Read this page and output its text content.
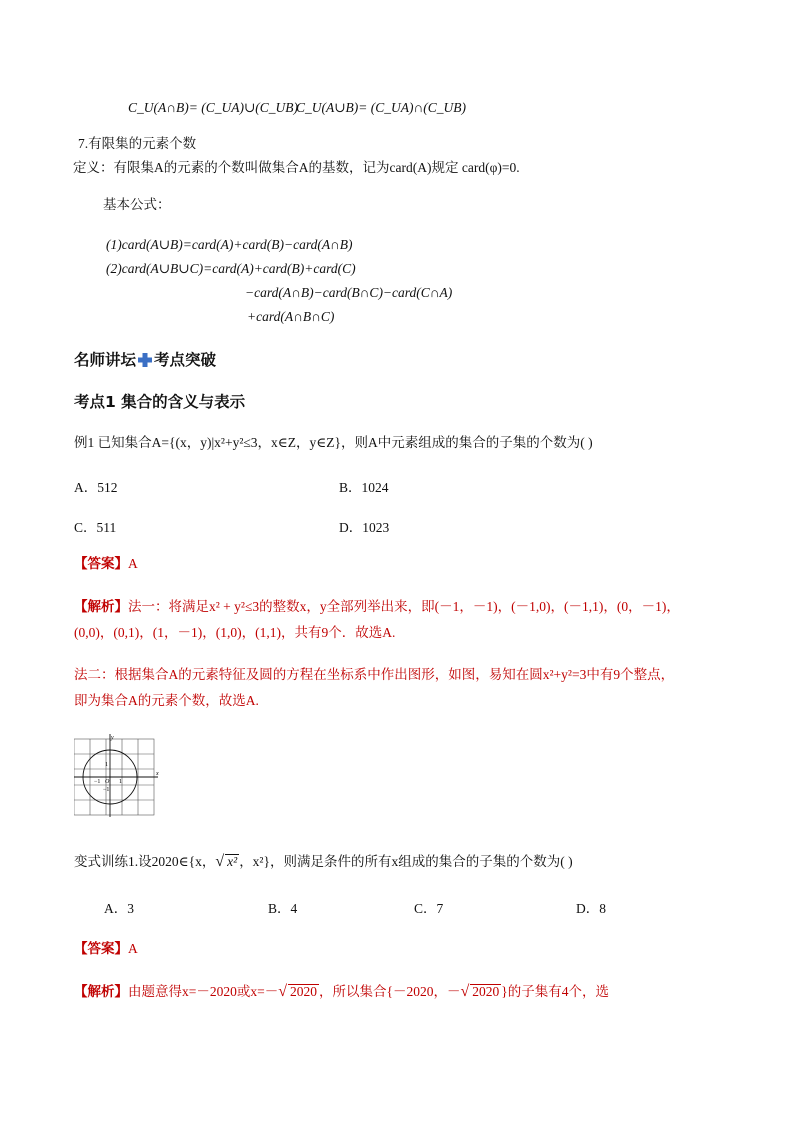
C_U(A∩B)= (C_UA)∪(C_UB)
C_U(A∪B)= (C_UA)∩(C_UB)
7.有限集的元素个数
定义：有限集A的元素的个数叫做集合A的基数，记为card(A)规定 card(φ)=0.
基本公式：
(1)card(A∪B)=card(A)+card(B)−card(A∩B)
(2)card(A∪B∪C)=card(A)+card(B)+card(C)
−card(A∩B)−card(B∩C)−card(C∩A)
+card(A∩B∩C)
名师讲坛 考点突破
考点1 集合的含义与表示
例1 已知集合A={(x，y)|x²+y²≤3，x∈Z，y∈Z}，则A中元素组成的集合的子集的个数为( )
A．512	B．1024
C．511	D．1023
【答案】A
【解析】法一：将满足x² + y²≤3的整数x，y全部列举出来，即(－1，－1)，(－1,0)，(－1,1)，(0，－1)，
(0,0)，(0,1)，(1，－1)，(1,0)，(1,1)，共有9个．故选A.
法二：根据集合A的元素特征及圆的方程在坐标系中作出图形，如图，易知在圆x²+y²=3中有9个整点，
即为集合A的元素个数，故选A.
y
x
1
−1
−1 O 1
变式训练1.设2020∈{x，√ x² ，x²}，则满足条件的所有x组成的集合的子集的个数为( )
A．3	B．4	C．7	D．8
【答案】A
【解析】由题意得x=－2020或x=－√ 2020 ，所以集合{－2020，－√ 2020 }的子集有4个，选
